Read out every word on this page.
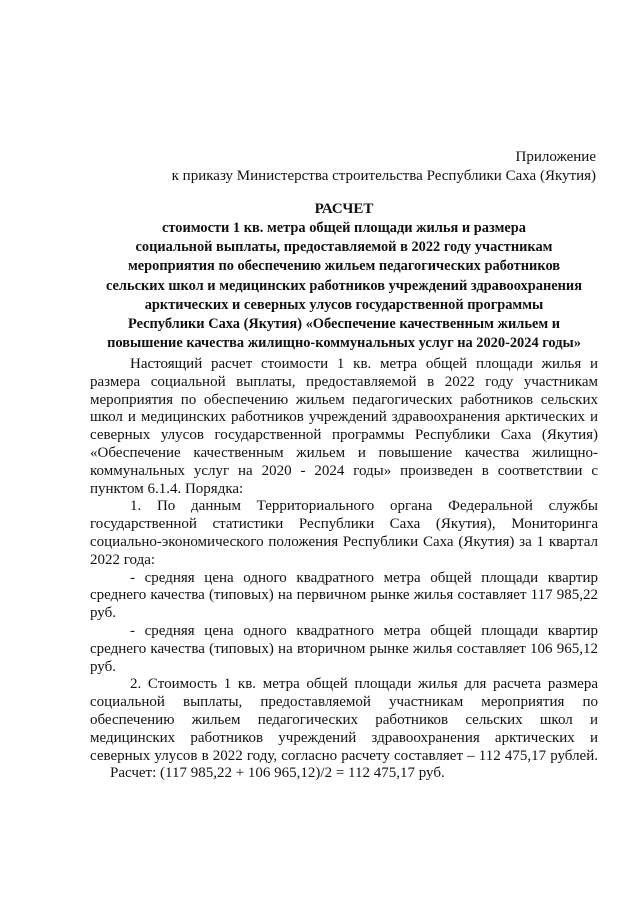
Приложение
к приказу Министерства строительства Республики Саха (Якутия)
РАСЧЕТ
стоимости 1 кв. метра общей площади жилья и размера
социальной выплаты, предоставляемой в 2022 году участникам
мероприятия по обеспечению жильем педагогических работников
сельских школ и медицинских работников учреждений здравоохранения
арктических и северных улусов государственной программы
Республики Саха (Якутия) «Обеспечение качественным жильем и
повышение качества жилищно-коммунальных услуг на 2020-2024 годы»
Настоящий расчет стоимости 1 кв. метра общей площади жилья и
размера социальной выплаты, предоставляемой в 2022 году участникам
мероприятия по обеспечению жильем педагогических работников сельских
школ и медицинских работников учреждений здравоохранения арктических и
северных улусов государственной программы Республики Саха (Якутия)
«Обеспечение качественным жильем и повышение качества жилищно-
коммунальных услуг на 2020 - 2024 годы» произведен в соответствии с
пунктом 6.1.4. Порядка:
1. По данным Территориального органа Федеральной службы
государственной статистики Республики Саха (Якутия), Мониторинга
социально-экономического положения Республики Саха (Якутия) за 1 квартал
2022 года:
- средняя цена одного квадратного метра общей площади квартир
среднего качества (типовых) на первичном рынке жилья составляет 117 985,22
руб.
- средняя цена одного квадратного метра общей площади квартир
среднего качества (типовых) на вторичном рынке жилья составляет 106 965,12
руб.
2. Стоимость 1 кв. метра общей площади жилья для расчета размера
социальной выплаты, предоставляемой участникам мероприятия по
обеспечению жильем педагогических работников сельских школ и
медицинских работников учреждений здравоохранения арктических и
северных улусов в 2022 году, согласно расчету составляет – 112 475,17 рублей.
Расчет: (117 985,22 + 106 965,12)/2 = 112 475,17 руб.
